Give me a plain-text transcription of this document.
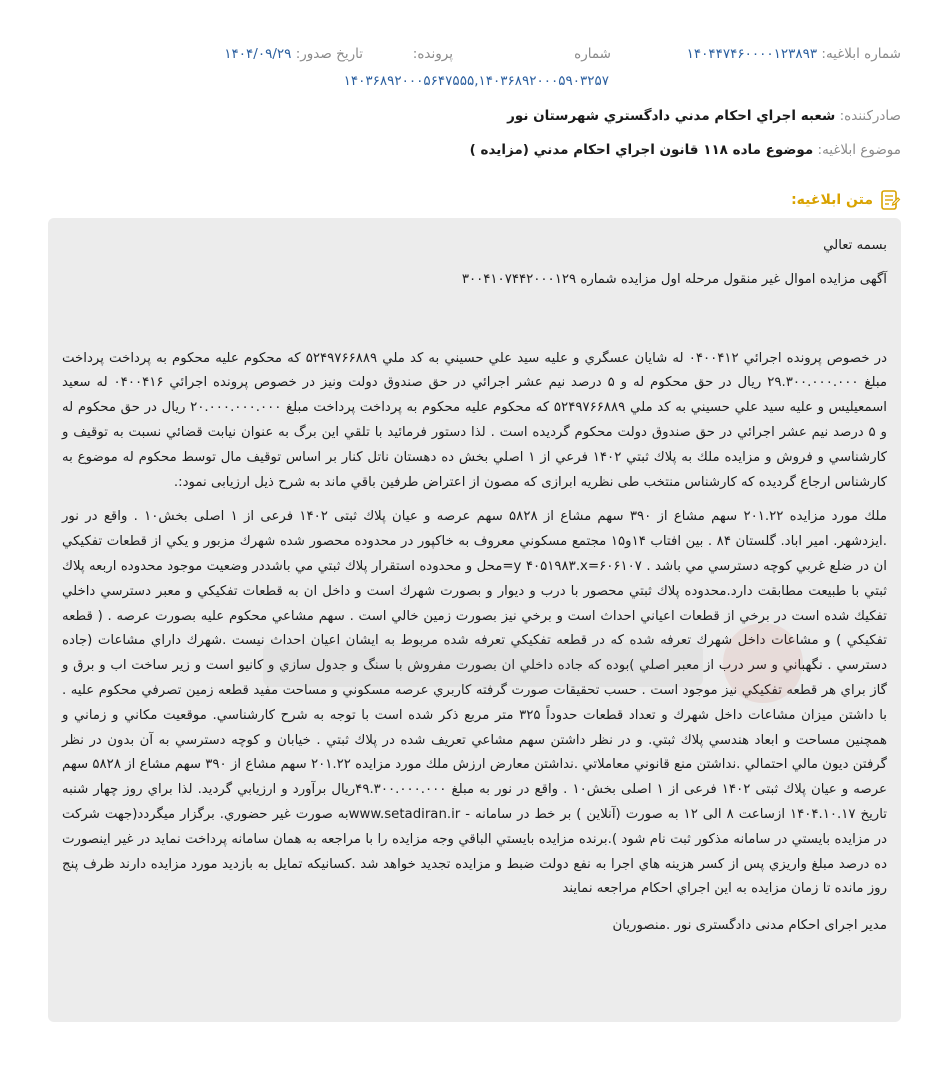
شماره ابلاغیه: ۱۴۰۴۴۷۴۶۰۰۰۰۱۲۳۸۹۳
شماره
پرونده:
تاریخ صدور: ۱۴۰۴/۰۹/۲۹
۱۴۰۳۶۸۹۲۰۰۰۵۶۴۷۵۵۵,۱۴۰۳۶۸۹۲۰۰۰۵۹۰۳۲۵۷
صادرکننده: شعبه اجراي احکام مدني دادگستري شهرستان نور
موضوع ابلاغیه: موضوع ماده ۱۱۸ قانون اجراي احکام مدني (مزايده )
متن ابلاغیه:

بسمه تعالي

آگهی مزایده اموال غیر منقول مرحله اول مزایده شماره ۳۰۰۴۱۰۷۴۴۲۰۰۰۱۲۹

در خصوص پرونده اجرائي ۰۴۰۰۴۱۲ له شايان عسگري و عليه سيد علي حسيني به كد ملي ۵۲۴۹۷۶۶۸۸۹ كه محكوم عليه محكوم به پرداخت پرداخت مبلغ ۲۹.۳۰۰.۰۰۰.۰۰۰ ريال در حق محكوم له و ۵ درصد نيم عشر اجرائي در حق صندوق دولت ونيز در خصوص پرونده اجرائي ۰۴۰۰۴۱۶ له سعيد اسمعيليس و عليه سيد علي حسيني به كد ملي ۵۲۴۹۷۶۶۸۸۹ كه محكوم عليه محكوم به پرداخت پرداخت مبلغ ۲۰.۰۰۰.۰۰۰.۰۰۰ ريال در حق محكوم له و ۵ درصد نيم عشر اجرائي در حق صندوق دولت محكوم گرديده است . لذا دستور فرمائيد با تلقي اين برگ به عنوان نيابت قضائي نسبت به توقيف و كارشناسي و فروش و مزايده ملك به پلاك ثبتي ۱۴۰۲ فرعي از ۱ اصلي بخش ده دهستان ناتل كنار بر اساس توقيف مال توسط محكوم له موضوع به كارشناس ارجاع گرديده كه كارشناس منتخب طی نظريه ابرازی كه مصون از اعتراض طرفين باقي ماند به شرح ذيل ارزيابی نمود:.

ملك مورد مزايده ۲۰۱.۲۲ سهم مشاع از ۳۹۰ سهم مشاع از ۵۸۲۸ سهم عرصه و عيان پلاك ثبتی ۱۴۰۲ فرعی از ۱ اصلی بخش۱۰ . واقع در نور .ایزدشهر. امير اباد. گلستان ۸۴ . بين افتاب ۱۴و۱۵ مجتمع مسكوني معروف به خاكپور در محدوده محصور شده شهرك مزبور و يكي از قطعات تفكيكي ان در ضلع غربي كوچه دسترسي مي باشد . ۶۰۶۱۰۷=y ۴۰۵۱۹۸۳.x=محل و محدوده استقرار پلاك ثبتي مي باشددر وضعيت موجود محدوده اربعه پلاك ثبتي با طبيعت مطابقت دارد.محدوده پلاك ثبتي محصور با درب و ديوار و بصورت شهرك است و داخل ان به قطعات تفكيكي و معبر دسترسي داخلي تفكيك شده است در برخي از قطعات اعياني احداث است و برخي نيز بصورت زمين خالي است . سهم مشاعي محكوم عليه بصورت عرصه . ( قطعه تفكيكي ) و مشاعات داخل شهرك تعرفه شده كه در قطعه تفكيكي تعرفه شده مربوط به ايشان اعيان احداث نيست .شهرك داراي مشاعات (جاده دسترسي . نگهباني و سر درب از معبر اصلي )بوده كه جاده داخلي ان بصورت مفروش با سنگ و جدول سازي و كانيو است و زير ساخت اب و برق و گاز براي هر قطعه تفكيكي نيز موجود است . حسب تحقيقات صورت گرفته كاربري عرصه مسكوني و مساحت مفيد قطعه زمين تصرفي محكوم عليه . با داشتن ميزان مشاعات داخل شهرك و تعداد قطعات حدوداً ۳۲۵ متر مربع ذكر شده است با توجه به شرح كارشناسي. موقعيت مكاني و زماني و همچنين مساحت و ابعاد هندسي پلاك ثبتي. و در نظر داشتن سهم مشاعي تعريف شده در پلاك ثبتي . خيابان و كوچه دسترسي به آن بدون در نظر گرفتن ديون مالي احتمالي .نداشتن منع قانوني معاملاتي .نداشتن معارض ارزش ملك مورد مزايده ۲۰۱.۲۲ سهم مشاع از ۳۹۰ سهم مشاع از ۵۸۲۸ سهم عرصه و عيان پلاك ثبتی ۱۴۰۲ فرعی از ۱ اصلی بخش۱۰ . واقع در نور به مبلغ ۴۹.۳۰۰.۰۰۰.۰۰۰ريال برآورد و ارزيابي گرديد. لذا براي روز چهار شنبه تاريخ ۱۴۰۴.۱۰.۱۷ ازساعت ۸ الی ۱۲ به صورت (آنلاين ) بر خط در سامانه - www.setadiran.irبه صورت غير حضوري. برگزار ميگردد(جهت شركت در مزايده بايستي در سامانه مذكور ثبت نام شود ).برنده مزايده بايستي الباقي وجه مزايده را با مراجعه به همان سامانه پرداخت نمايد در غير اينصورت ده درصد مبلغ واريزي پس از كسر هزينه هاي اجرا به نفع دولت ضبط و مزايده تجديد خواهد شد .كسانيكه تمايل به بازديد مورد مزايده دارند ظرف پنج روز مانده تا زمان مزايده به اين اجراي احكام مراجعه نمايند

مدیر اجرای احکام مدنی دادگستری نور .منصوریان
